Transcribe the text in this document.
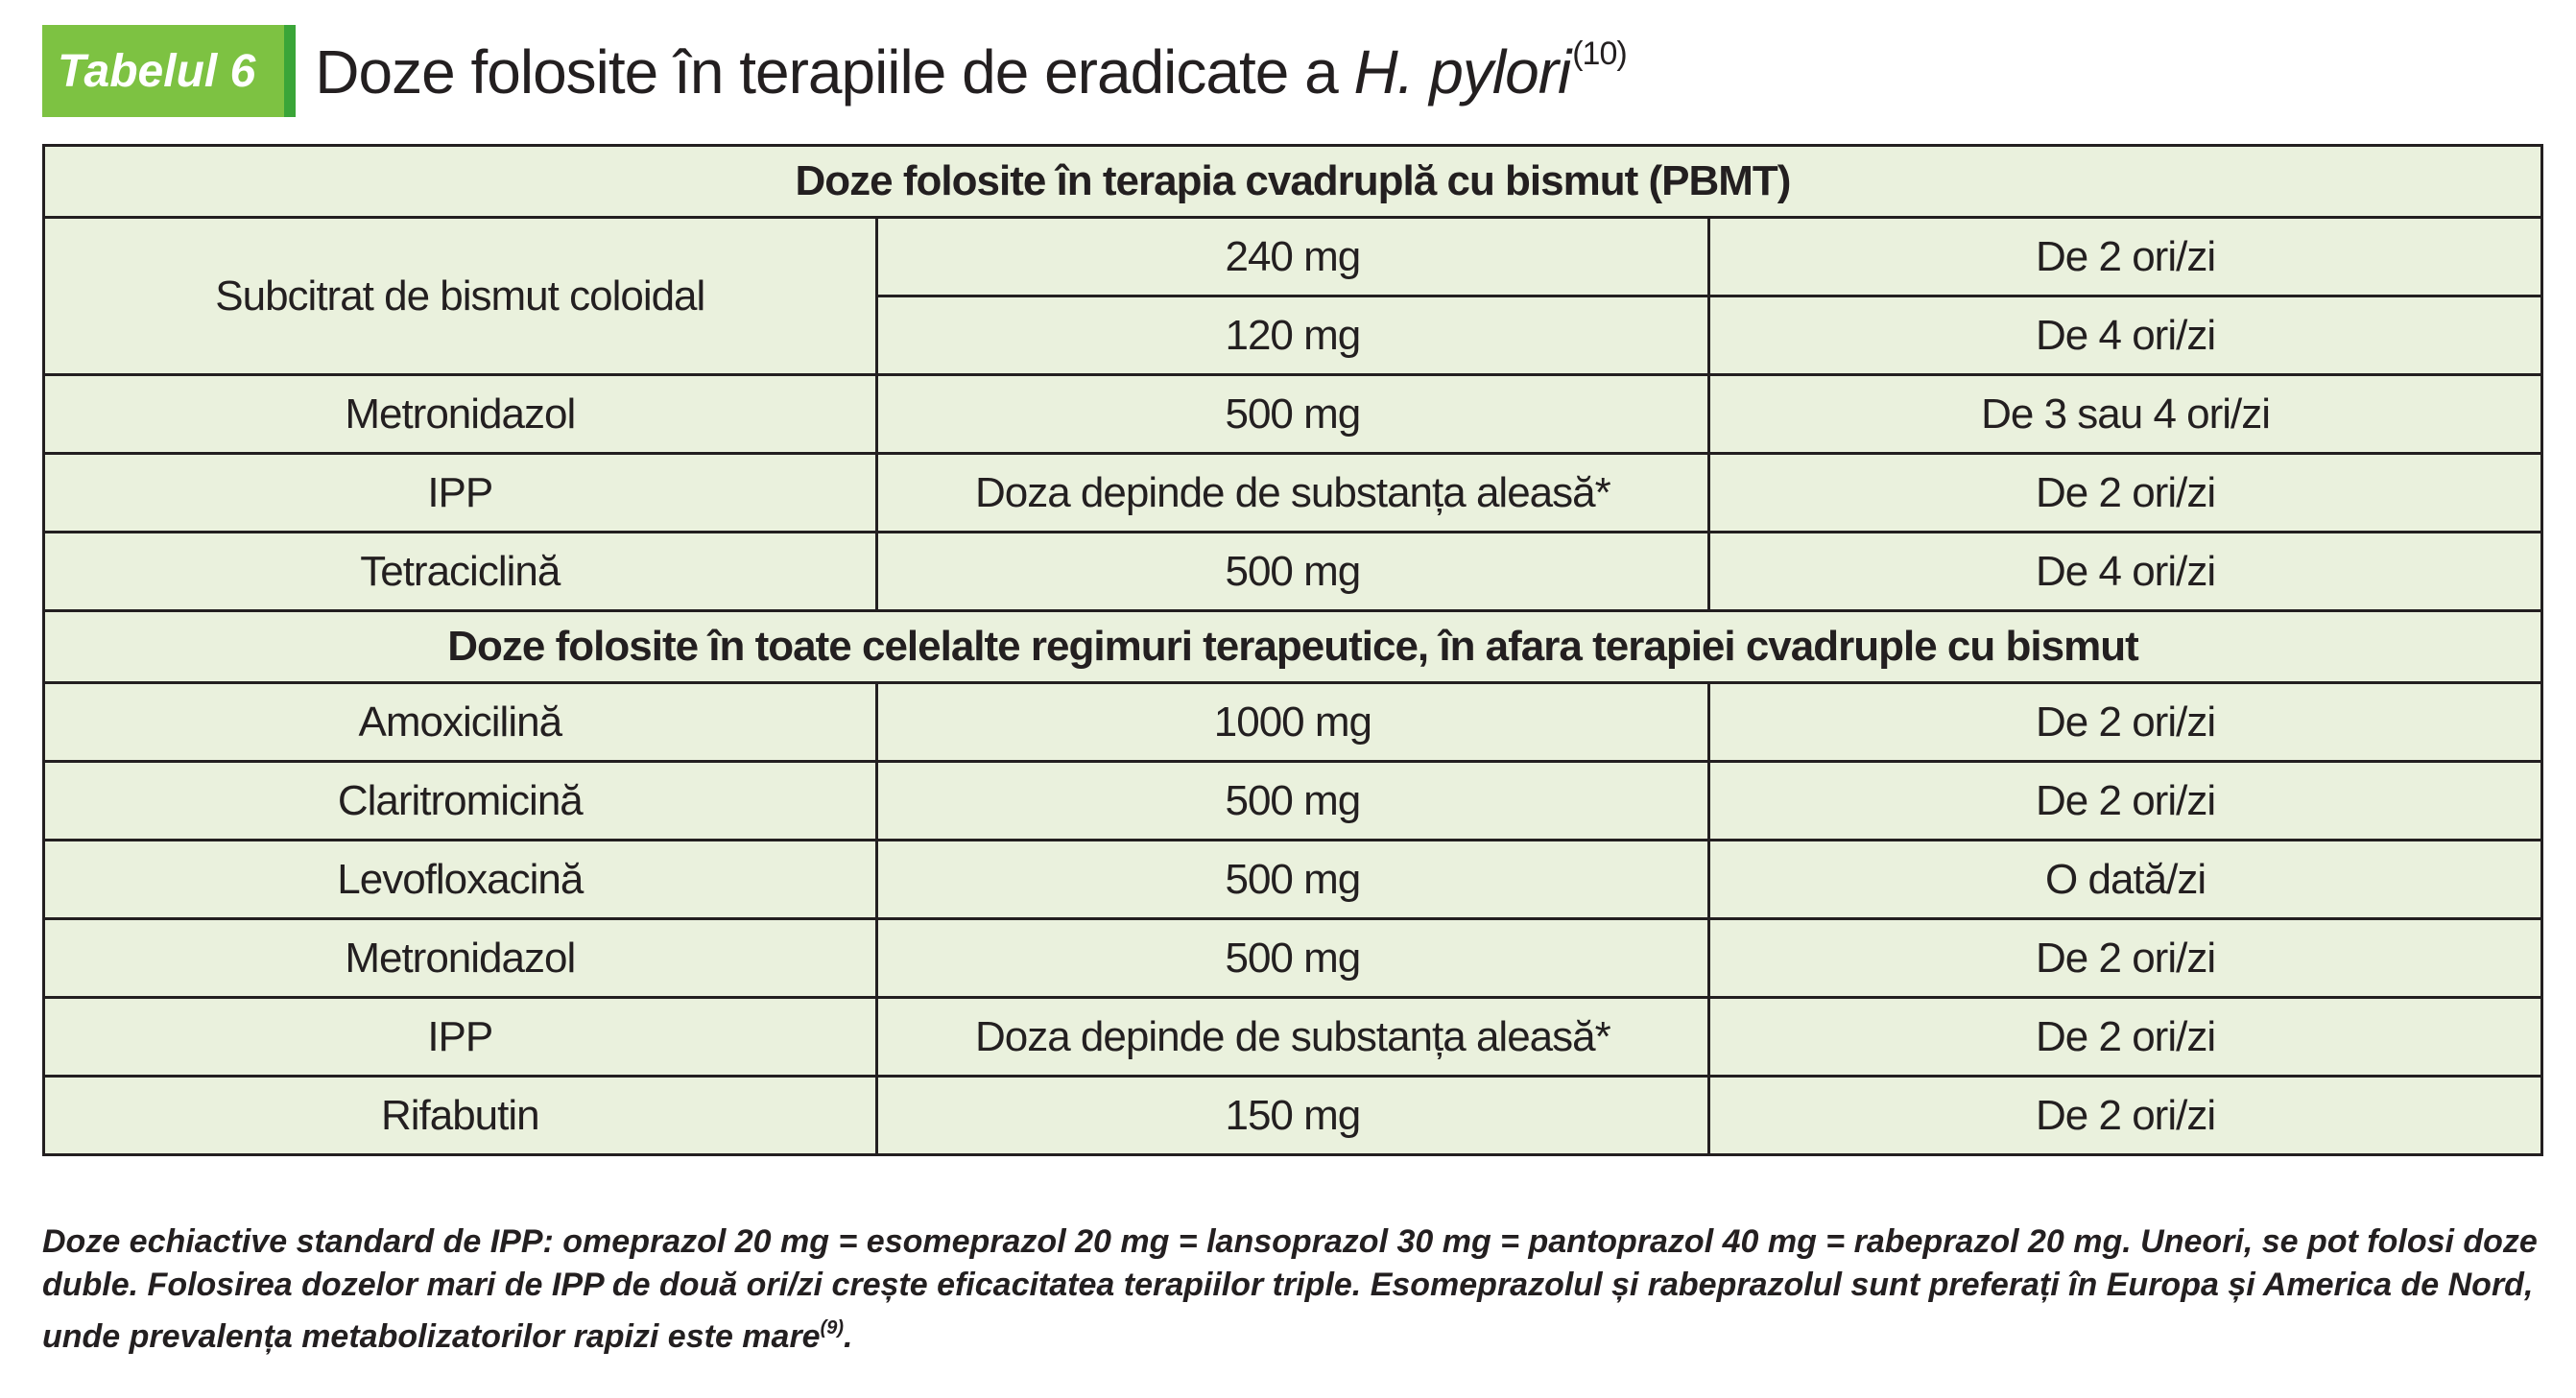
Tabelul 6 Doze folosite în terapiile de eradicate a H. pylori$^{(10)}$
Doze folosite în terapia cvadruplă cu bismut (PBMT)		
Subcitrat de bismut coloidal	240 mg	De 2 ori/zi
	120 mg	De 4 ori/zi
Metronidazol	500 mg	De 3 sau 4 ori/zi
IPP	Doza depinde de substanța aleasă*	De 2 ori/zi
Tetraciclină	500 mg	De 4 ori/zi
Doze folosite în toate celelalte regimuri terapeutice, în afara terapiei cvadruple cu bismut		
Amoxicilină	1000 mg	De 2 ori/zi
Claritromicină	500 mg	De 2 ori/zi
Levofloxacină	500 mg	O dată/zi
Metronidazol	500 mg	De 2 ori/zi
IPP	Doza depinde de substanța aleasă*	De 2 ori/zi
Rifabutin	150 mg	De 2 ori/zi
Doze echiactive standard de IPP: omeprazol 20 mg = esomeprazol 20 mg = lansoprazol 30 mg = pantoprazol 40 mg = rabeprazol 20 mg. Uneori, se pot folosi doze duble. Folosirea dozelor mari de IPP de două ori/zi crește eficacitatea terapiilor triple. Esomeprazolul și rabeprazolul sunt preferați în Europa și America de Nord, unde prevalența metabolizatorilor rapizi este mare$^{(9)}$.
